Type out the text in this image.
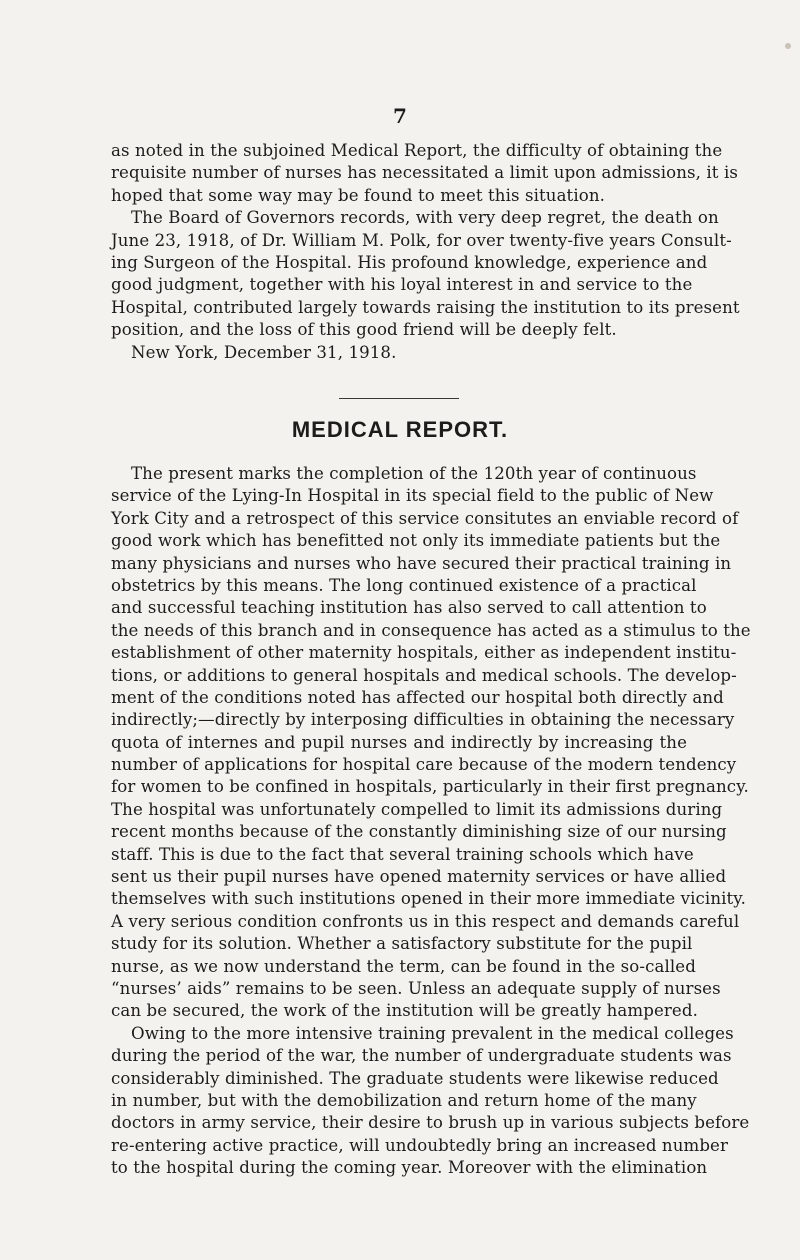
7
as noted in the subjoined Medical Report, the difficulty of obtaining the
requisite number of nurses has necessitated a limit upon admissions, it is
hoped that some way may be found to meet this situation.
The Board of Governors records, with very deep regret, the death on
June 23, 1918, of Dr. William M. Polk, for over twenty-five years Consult-
ing Surgeon of the Hospital. His profound knowledge, experience and
good judgment, together with his loyal interest in and service to the
Hospital, contributed largely towards raising the institution to its present
position, and the loss of this good friend will be deeply felt.
New York, December 31, 1918.
MEDICAL REPORT.
The present marks the completion of the 120th year of continuous
service of the Lying-In Hospital in its special field to the public of New
York City and a retrospect of this service consitutes an enviable record of
good work which has benefitted not only its immediate patients but the
many physicians and nurses who have secured their practical training in
obstetrics by this means. The long continued existence of a practical
and successful teaching institution has also served to call attention to
the needs of this branch and in consequence has acted as a stimulus to the
establishment of other maternity hospitals, either as independent institu-
tions, or additions to general hospitals and medical schools. The develop-
ment of the conditions noted has affected our hospital both directly and
indirectly;—directly by interposing difficulties in obtaining the necessary
quota of internes and pupil nurses and indirectly by increasing the
number of applications for hospital care because of the modern tendency
for women to be confined in hospitals, particularly in their first pregnancy.
The hospital was unfortunately compelled to limit its admissions during
recent months because of the constantly diminishing size of our nursing
staff. This is due to the fact that several training schools which have
sent us their pupil nurses have opened maternity services or have allied
themselves with such institutions opened in their more immediate vicinity.
A very serious condition confronts us in this respect and demands careful
study for its solution. Whether a satisfactory substitute for the pupil
nurse, as we now understand the term, can be found in the so-called
“nurses’ aids” remains to be seen. Unless an adequate supply of nurses
can be secured, the work of the institution will be greatly hampered.
Owing to the more intensive training prevalent in the medical colleges
during the period of the war, the number of undergraduate students was
considerably diminished. The graduate students were likewise reduced
in number, but with the demobilization and return home of the many
doctors in army service, their desire to brush up in various subjects before
re-entering active practice, will undoubtedly bring an increased number
to the hospital during the coming year. Moreover with the elimination
